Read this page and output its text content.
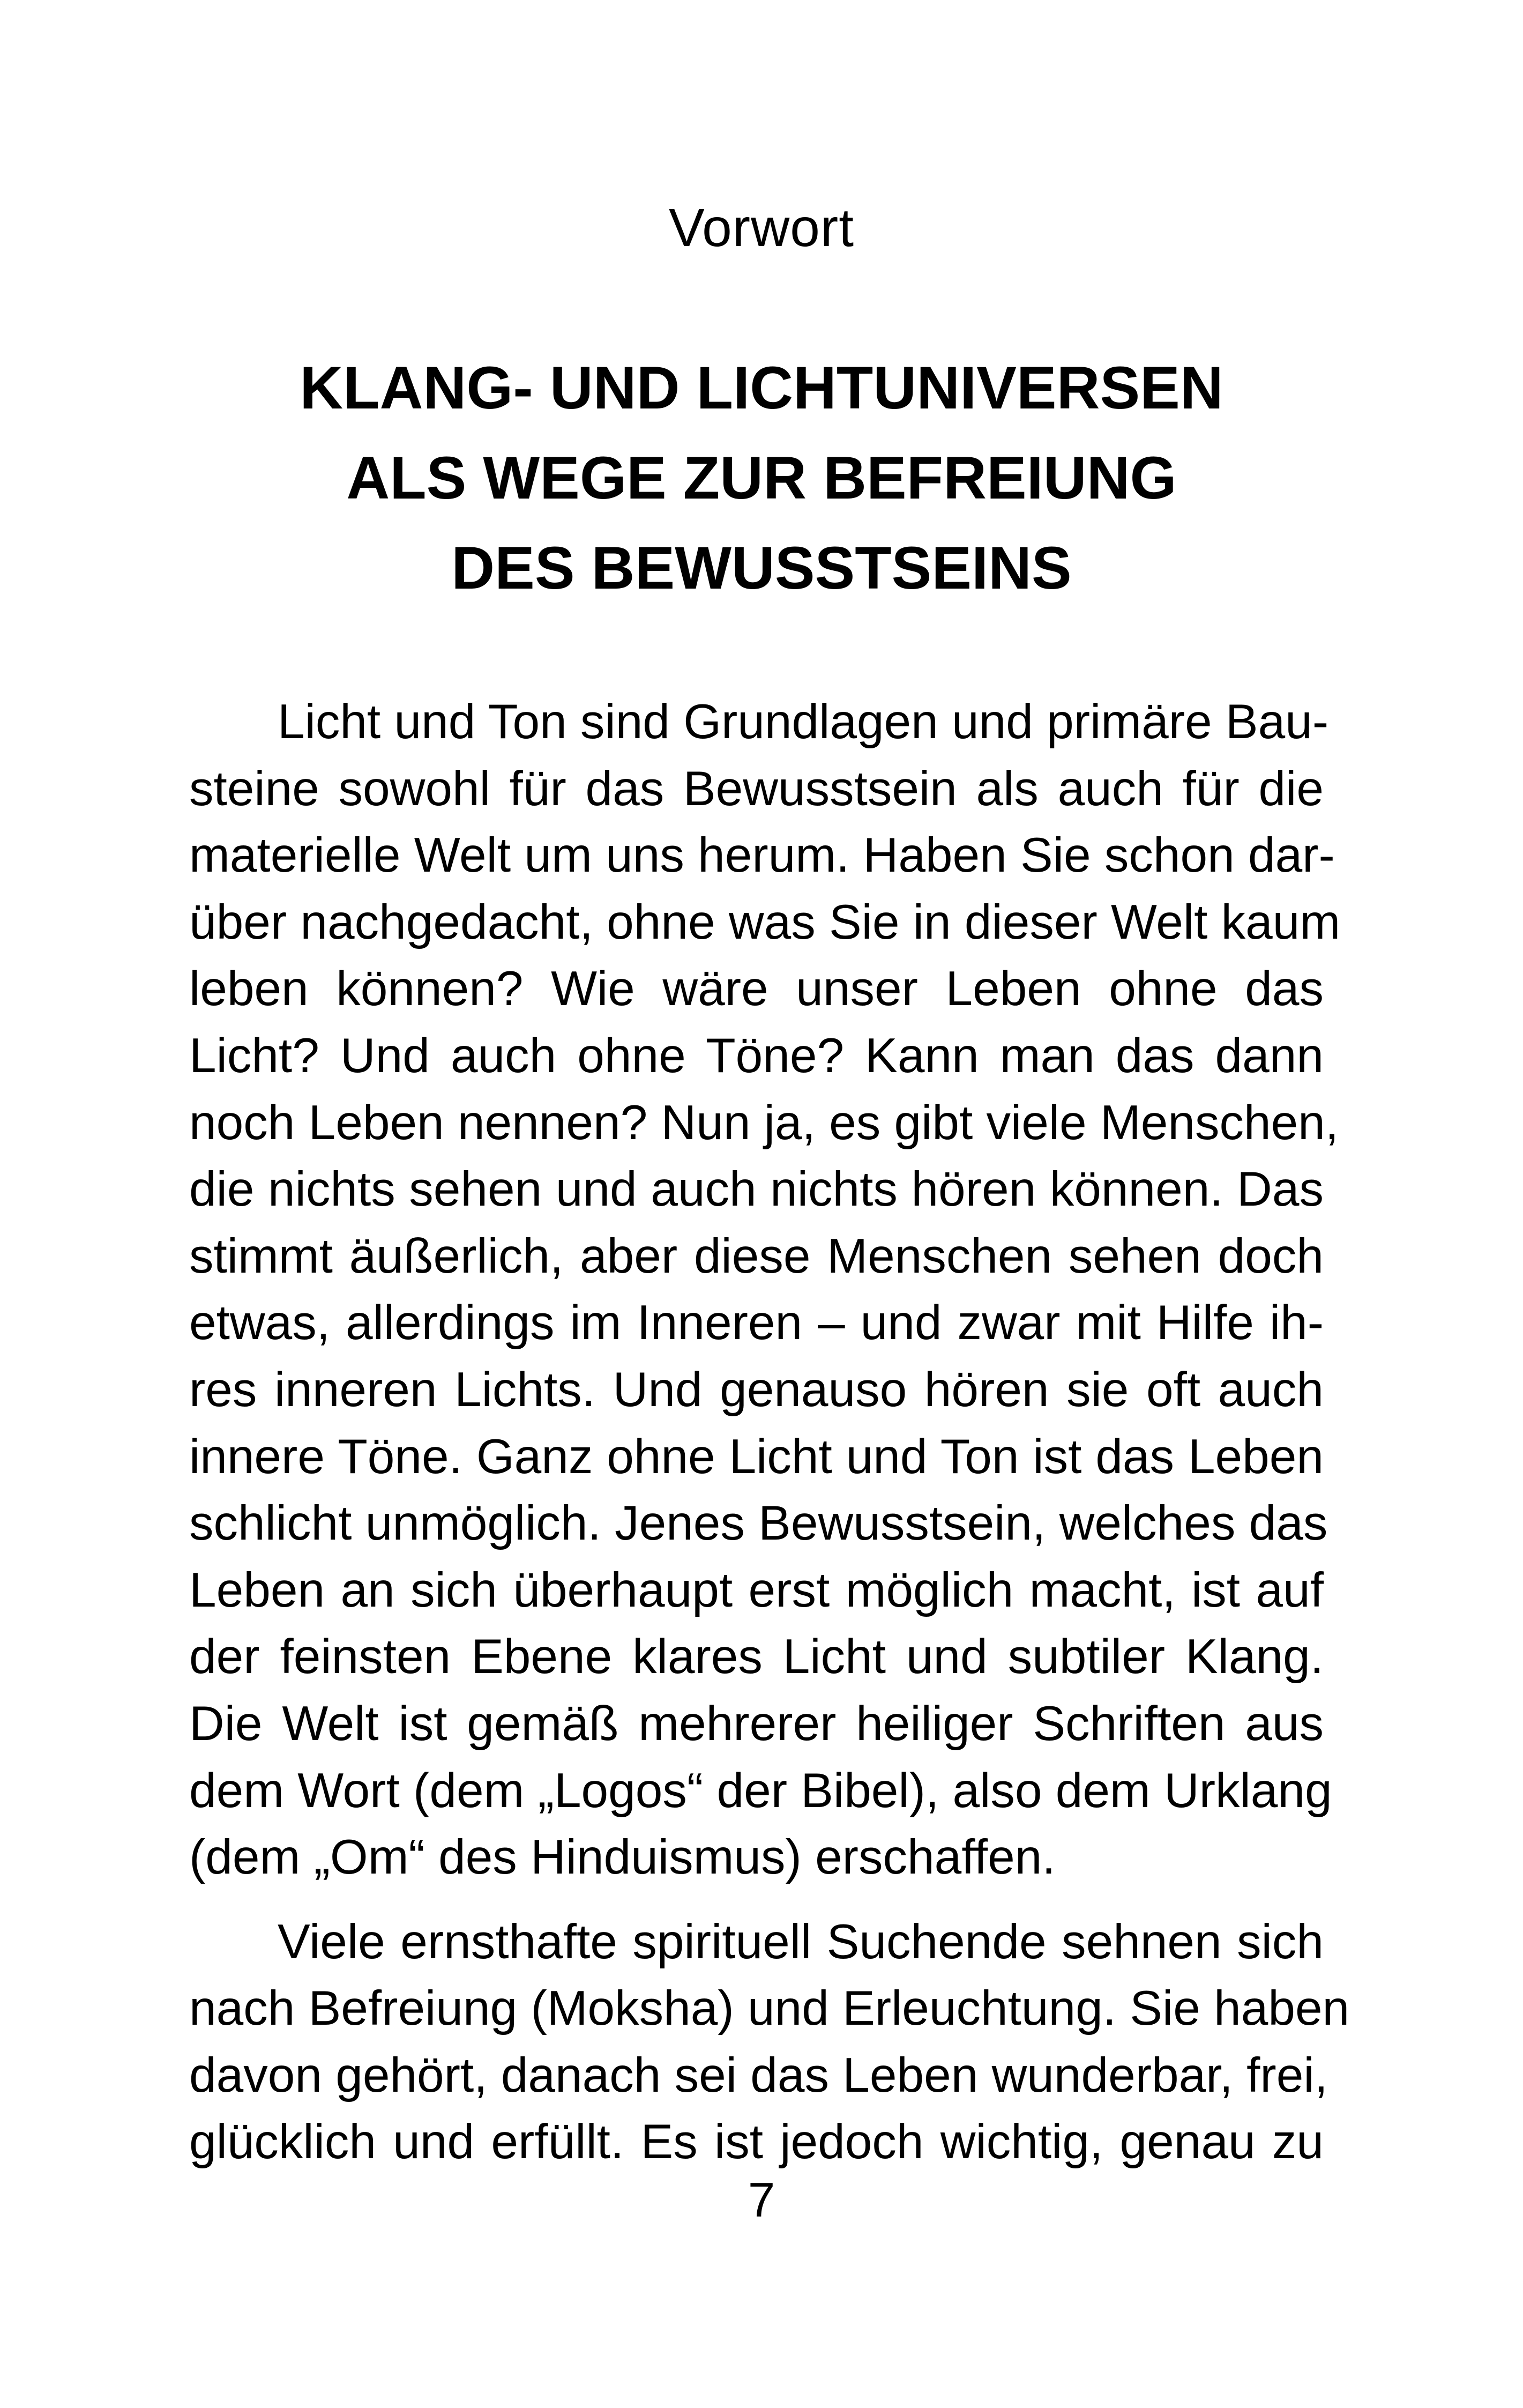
Vorwort
KLANG- UND LICHTUNIVERSEN
ALS WEGE ZUR BEFREIUNG
DES BEWUSSTSEINS

Licht und Ton sind Grundlagen und primäre Bau-
steine sowohl für das Bewusstsein als auch für die
materielle Welt um uns herum. Haben Sie schon dar-
über nachgedacht, ohne was Sie in dieser Welt kaum
leben können? Wie wäre unser Leben ohne das
Licht? Und auch ohne Töne? Kann man das dann
noch Leben nennen? Nun ja, es gibt viele Menschen,
die nichts sehen und auch nichts hören können. Das
stimmt äußerlich, aber diese Menschen sehen doch
etwas, allerdings im Inneren – und zwar mit Hilfe ih-
res inneren Lichts. Und genauso hören sie oft auch
innere Töne. Ganz ohne Licht und Ton ist das Leben
schlicht unmöglich. Jenes Bewusstsein, welches das
Leben an sich überhaupt erst möglich macht, ist auf
der feinsten Ebene klares Licht und subtiler Klang.
Die Welt ist gemäß mehrerer heiliger Schriften aus
dem Wort (dem „Logos“ der Bibel), also dem Urklang
(dem „Om“ des Hinduismus) erschaffen.

Viele ernsthafte spirituell Suchende sehnen sich
nach Befreiung (Moksha) und Erleuchtung. Sie haben
davon gehört, danach sei das Leben wunderbar, frei,
glücklich und erfüllt. Es ist jedoch wichtig, genau zu

7
